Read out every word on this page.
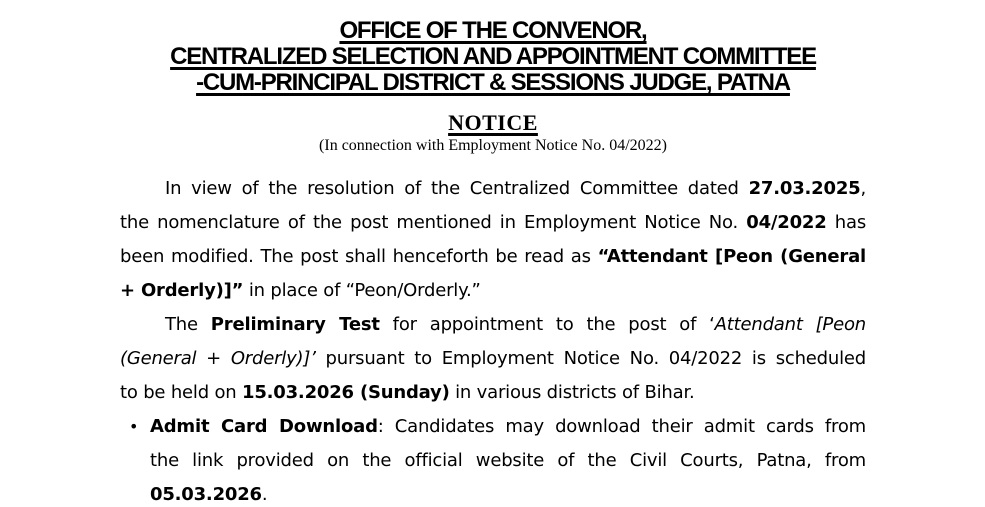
OFFICE OF THE CONVENOR,
CENTRALIZED SELECTION AND APPOINTMENT COMMITTEE
-CUM-PRINCIPAL DISTRICT & SESSIONS JUDGE, PATNA
NOTICE
(In connection with Employment Notice No. 04/2022)
In view of the resolution of the Centralized Committee dated 27.03.2025,
the nomenclature of the post mentioned in Employment Notice No. 04/2022 has
been modified. The post shall henceforth be read as “Attendant [Peon (General
+ Orderly)]” in place of “Peon/Orderly.”
The Preliminary Test for appointment to the post of ‘Attendant [Peon
(General + Orderly)]’ pursuant to Employment Notice No. 04/2022 is scheduled
to be held on 15.03.2026 (Sunday) in various districts of Bihar.
• Admit Card Download: Candidates may download their admit cards from
the link provided on the official website of the Civil Courts, Patna, from
05.03.2026.
